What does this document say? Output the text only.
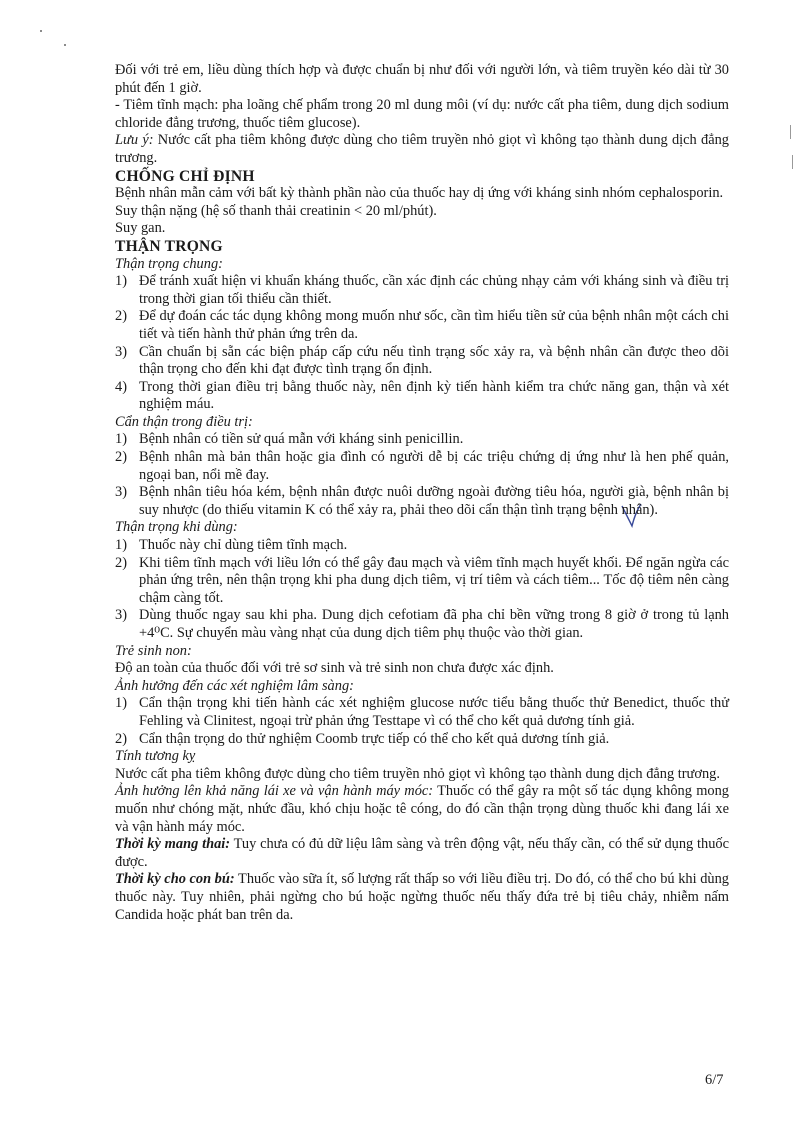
Đối với trẻ em, liều dùng thích hợp và được chuẩn bị như đối với người lớn, và tiêm truyền kéo dài từ 30 phút đến 1 giờ.

- Tiêm tĩnh mạch: pha loãng chế phẩm trong 20 ml dung môi (ví dụ: nước cất pha tiêm, dung dịch sodium chloride đẳng trương, thuốc tiêm glucose).

Lưu ý: Nước cất pha tiêm không được dùng cho tiêm truyền nhỏ giọt vì không tạo thành dung dịch đẳng trương.

CHỐNG CHỈ ĐỊNH

Bệnh nhân mẫn cảm với bất kỳ thành phần nào của thuốc hay dị ứng với kháng sinh nhóm cephalosporin.

Suy thận nặng (hệ số thanh thải creatinin < 20 ml/phút).

Suy gan.

THẬN TRỌNG

Thận trọng chung:

1) Để tránh xuất hiện vi khuẩn kháng thuốc, cần xác định các chủng nhạy cảm với kháng sinh và điều trị trong thời gian tối thiểu cần thiết.
2) Để dự đoán các tác dụng không mong muốn như sốc, cần tìm hiểu tiền sử của bệnh nhân một cách chi tiết và tiến hành thử phản ứng trên da.
3) Cần chuẩn bị sẵn các biện pháp cấp cứu nếu tình trạng sốc xảy ra, và bệnh nhân cần được theo dõi thận trọng cho đến khi đạt được tình trạng ổn định.
4) Trong thời gian điều trị bằng thuốc này, nên định kỳ tiến hành kiểm tra chức năng gan, thận và xét nghiệm máu.

Cẩn thận trong điều trị:

1) Bệnh nhân có tiền sử quá mẫn với kháng sinh penicillin.
2) Bệnh nhân mà bản thân hoặc gia đình có người dễ bị các triệu chứng dị ứng như là hen phế quản, ngoại ban, nổi mề đay.
3) Bệnh nhân tiêu hóa kém, bệnh nhân được nuôi dưỡng ngoài đường tiêu hóa, người già, bệnh nhân bị suy nhược (do thiếu vitamin K có thể xảy ra, phải theo dõi cẩn thận tình trạng bệnh nhân).

Thận trọng khi dùng:

1) Thuốc này chỉ dùng tiêm tĩnh mạch.
2) Khi tiêm tĩnh mạch với liều lớn có thể gây đau mạch và viêm tĩnh mạch huyết khối. Để ngăn ngừa các phản ứng trên, nên thận trọng khi pha dung dịch tiêm, vị trí tiêm và cách tiêm... Tốc độ tiêm nên càng chậm càng tốt.
3) Dùng thuốc ngay sau khi pha. Dung dịch cefotiam đã pha chỉ bền vững trong 8 giờ ở trong tủ lạnh +4⁰C. Sự chuyển màu vàng nhạt của dung dịch tiêm phụ thuộc vào thời gian.

Trẻ sinh non:

Độ an toàn của thuốc đối với trẻ sơ sinh và trẻ sinh non chưa được xác định.

Ảnh hưởng đến các xét nghiệm lâm sàng:

1) Cẩn thận trọng khi tiến hành các xét nghiệm glucose nước tiểu bằng thuốc thử Benedict, thuốc thử Fehling và Clinitest, ngoại trừ phản ứng Testtape vì có thể cho kết quả dương tính giả.
2) Cẩn thận trọng do thử nghiệm Coomb trực tiếp có thể cho kết quả dương tính giả.

Tính tương kỵ

Nước cất pha tiêm không được dùng cho tiêm truyền nhỏ giọt vì không tạo thành dung dịch đẳng trương.

Ảnh hưởng lên khả năng lái xe và vận hành máy móc: Thuốc có thể gây ra một số tác dụng không mong muốn như chóng mặt, nhức đầu, khó chịu hoặc tê cóng, do đó cần thận trọng dùng thuốc khi đang lái xe và vận hành máy móc.

Thời kỳ mang thai: Tuy chưa có đủ dữ liệu lâm sàng và trên động vật, nếu thấy cần, có thể sử dụng thuốc được.

Thời kỳ cho con bú: Thuốc vào sữa ít, số lượng rất thấp so với liều điều trị. Do đó, có thể cho bú khi dùng thuốc này. Tuy nhiên, phải ngừng cho bú hoặc ngừng thuốc nếu thấy đứa trẻ bị tiêu chảy, nhiễm nấm Candida hoặc phát ban trên da.

6/7
